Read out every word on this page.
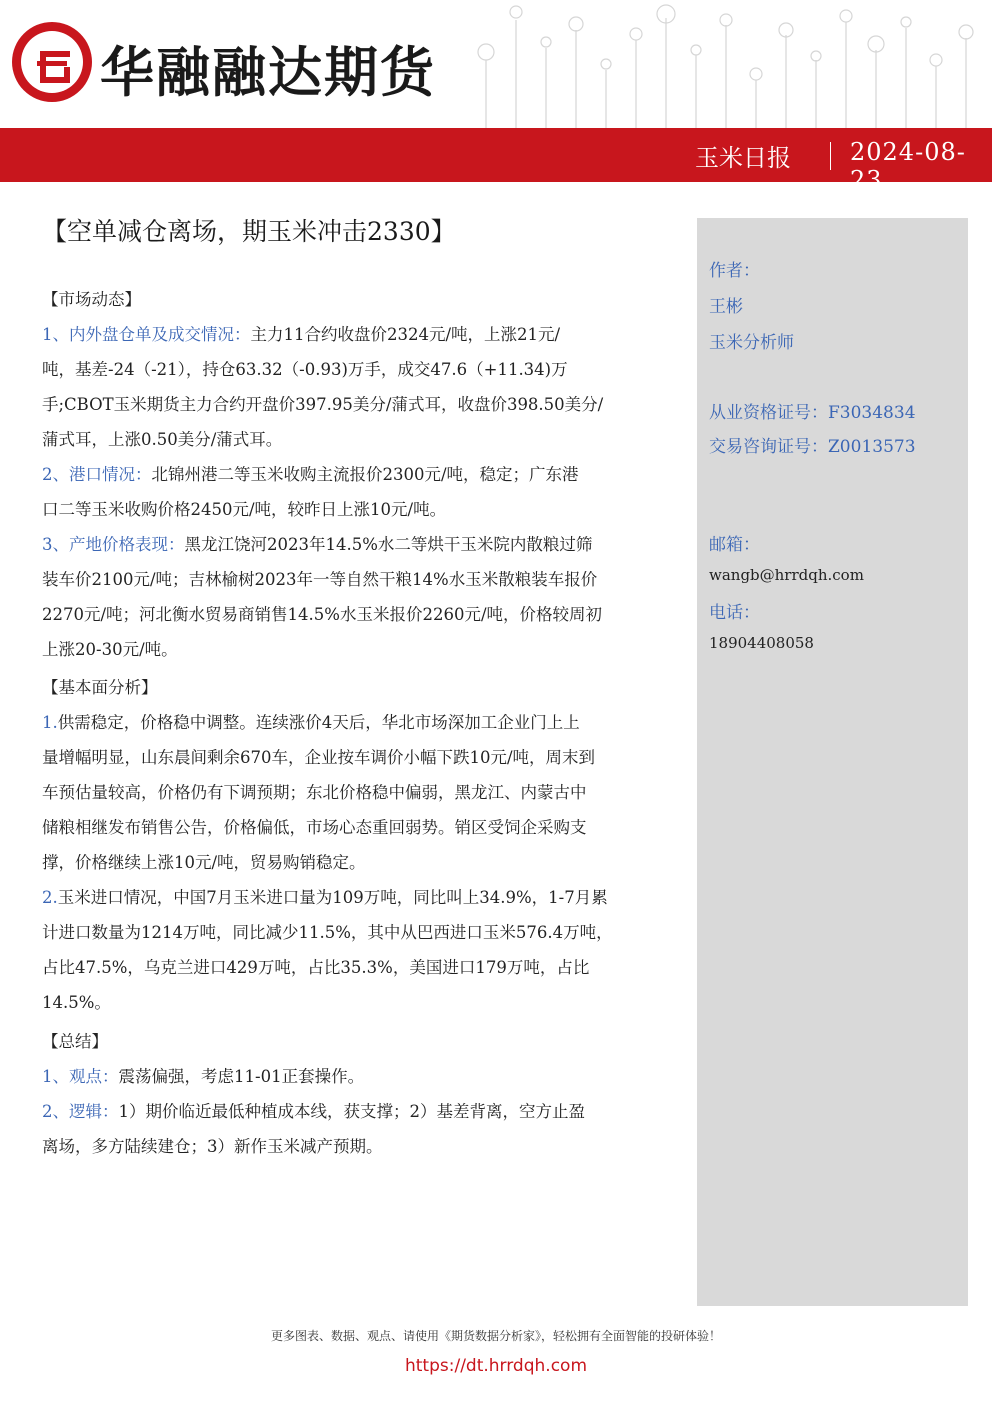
华融融达期货
玉米日报 2024-08-23
【空单减仓离场，期玉米冲击2330】
作者：
王彬
玉米分析师
从业资格证号：F3034834
交易咨询证号：Z0013573
邮箱：
wangb@hrrdqh.com
电话：
18904408058
【市场动态】
1、内外盘仓单及成交情况：主力11合约收盘价2324元/吨，上涨21元/
吨，基差-24（-21），持仓63.32（-0.93)万手，成交47.6（+11.34)万
手;CBOT玉米期货主力合约开盘价397.95美分/蒲式耳，收盘价398.50美分/
蒲式耳，上涨0.50美分/蒲式耳。
2、港口情况：北锦州港二等玉米收购主流报价2300元/吨，稳定；广东港
口二等玉米收购价格2450元/吨，较昨日上涨10元/吨。
3、产地价格表现：黑龙江饶河2023年14.5%水二等烘干玉米院内散粮过筛
装车价2100元/吨；吉林榆树2023年一等自然干粮14%水玉米散粮装车报价
2270元/吨；河北衡水贸易商销售14.5%水玉米报价2260元/吨，价格较周初
上涨20-30元/吨。
【基本面分析】
1.供需稳定，价格稳中调整。连续涨价4天后，华北市场深加工企业门上上
量增幅明显，山东晨间剩余670车，企业按车调价小幅下跌10元/吨，周末到
车预估量较高，价格仍有下调预期；东北价格稳中偏弱，黑龙江、内蒙古中
储粮相继发布销售公告，价格偏低，市场心态重回弱势。销区受饲企采购支
撑，价格继续上涨10元/吨，贸易购销稳定。
2.玉米进口情况，中国7月玉米进口量为109万吨，同比叫上34.9%，1-7月累
计进口数量为1214万吨，同比减少11.5%，其中从巴西进口玉米576.4万吨，
占比47.5%，乌克兰进口429万吨，占比35.3%，美国进口179万吨，占比
14.5%。
【总结】
1、观点：震荡偏强，考虑11-01正套操作。
2、逻辑：1）期价临近最低种植成本线，获支撑；2）基差背离，空方止盈
离场，多方陆续建仓；3）新作玉米减产预期。
更多图表、数据、观点、请使用《期货数据分析家》，轻松拥有全面智能的投研体验！
https://dt.hrrdqh.com
